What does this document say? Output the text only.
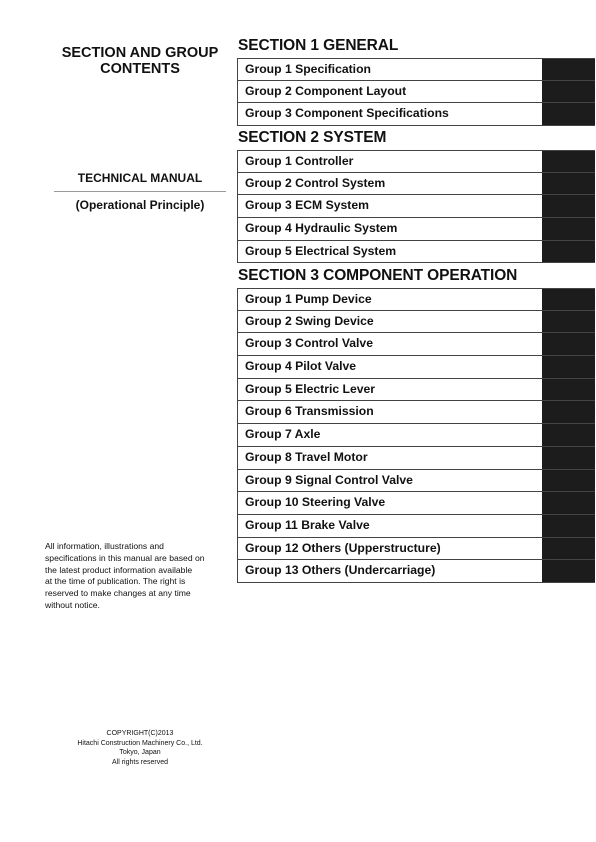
SECTION AND GROUP
CONTENTS
TECHNICAL MANUAL
(Operational Principle)
All information, illustrations and
specifications in this manual are based on
the latest product information available
at the time of publication. The right is
reserved to make changes at any time
without notice.
COPYRIGHT(C)2013
Hitachi Construction Machinery Co., Ltd.
Tokyo, Japan
All rights reserved
SECTION 1 GENERAL
Group 1 Specification
Group 2 Component Layout
Group 3 Component Specifications
SECTION 2 SYSTEM
Group 1 Controller
Group 2 Control System
Group 3 ECM System
Group 4 Hydraulic System
Group 5 Electrical System
SECTION 3 COMPONENT OPERATION
Group 1 Pump Device
Group 2 Swing Device
Group 3 Control Valve
Group 4 Pilot Valve
Group 5 Electric Lever
Group 6 Transmission
Group 7 Axle
Group 8 Travel Motor
Group 9 Signal Control Valve
Group 10 Steering Valve
Group 11 Brake Valve
Group 12 Others (Upperstructure)
Group 13 Others (Undercarriage)
